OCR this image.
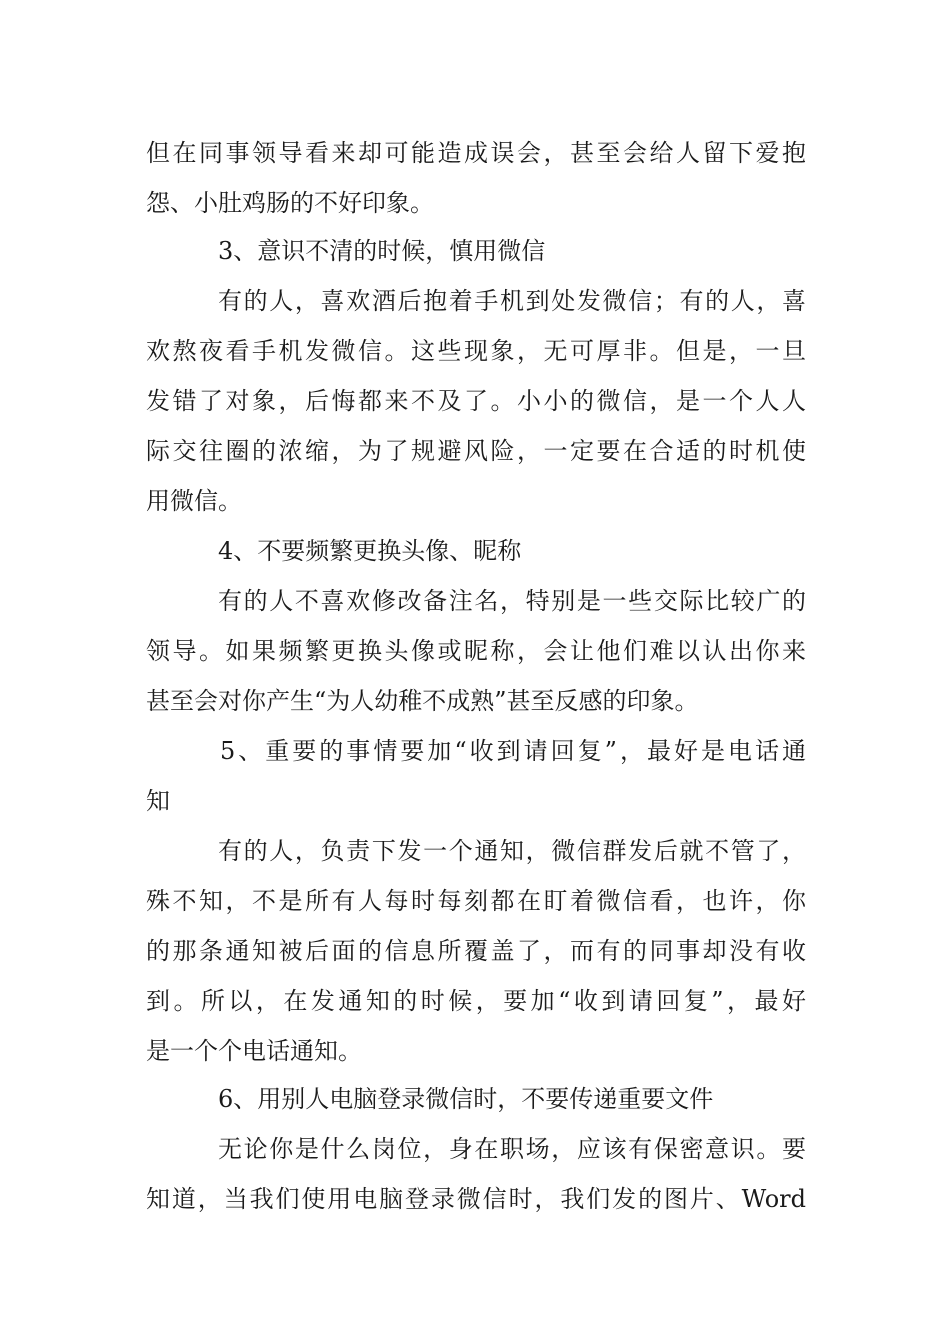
但在同事领导看来却可能造成误会，甚至会给人留下爱抱
怨、小肚鸡肠的不好印象。
3、意识不清的时候，慎用微信
有的人，喜欢酒后抱着手机到处发微信；有的人，喜
欢熬夜看手机发微信。这些现象，无可厚非。但是，一旦
发错了对象，后悔都来不及了。小小的微信，是一个人人
际交往圈的浓缩，为了规避风险，一定要在合适的时机使
用微信。
4、不要频繁更换头像、昵称
有的人不喜欢修改备注名，特别是一些交际比较广的
领导。如果频繁更换头像或昵称，会让他们难以认出你来
甚至会对你产生“为人幼稚不成熟”甚至反感的印象。
5、重要的事情要加“收到请回复”，最好是电话通
知
有的人，负责下发一个通知，微信群发后就不管了，
殊不知，不是所有人每时每刻都在盯着微信看，也许，你
的那条通知被后面的信息所覆盖了，而有的同事却没有收
到。所以，在发通知的时候，要加“收到请回复”，最好
是一个个电话通知。
6、用别人电脑登录微信时，不要传递重要文件
无论你是什么岗位，身在职场，应该有保密意识。要
知道，当我们使用电脑登录微信时，我们发的图片、Word
